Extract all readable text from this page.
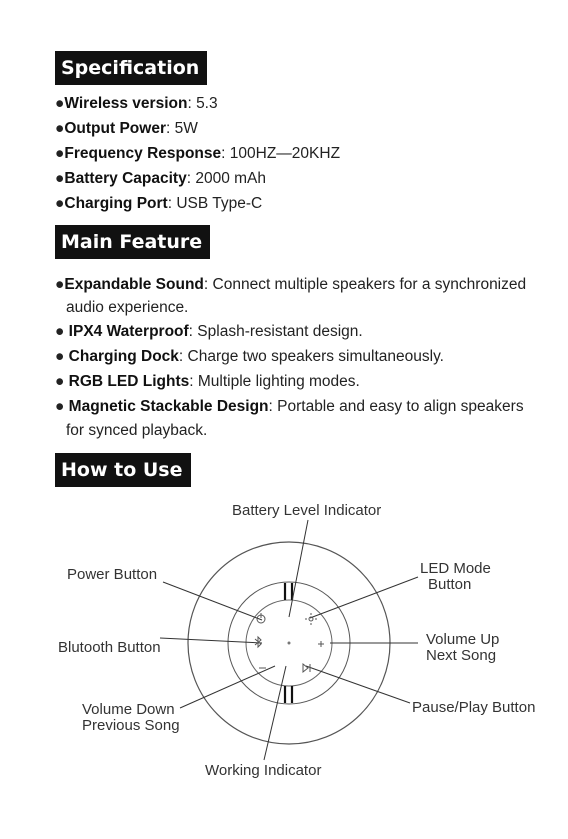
Specification
●Wireless version: 5.3
●Output Power: 5W
●Frequency Response: 100HZ—20KHZ
●Battery Capacity: 2000 mAh
●Charging Port: USB Type-C
Main Feature
●Expandable Sound: Connect multiple speakers for a synchronized
audio experience.
● IPX4 Waterproof: Splash-resistant design.
● Charging Dock: Charge two speakers simultaneously.
● RGB LED Lights: Multiple lighting modes.
● Magnetic Stackable Design: Portable and easy to align speakers
for synced playback.
How to Use
Battery Level Indicator
Power Button	LED Mode
Button
Blutooth Button	Volume Up
Next Song
Volume Down
Previous Song
Pause/Play Button
Working Indicator
